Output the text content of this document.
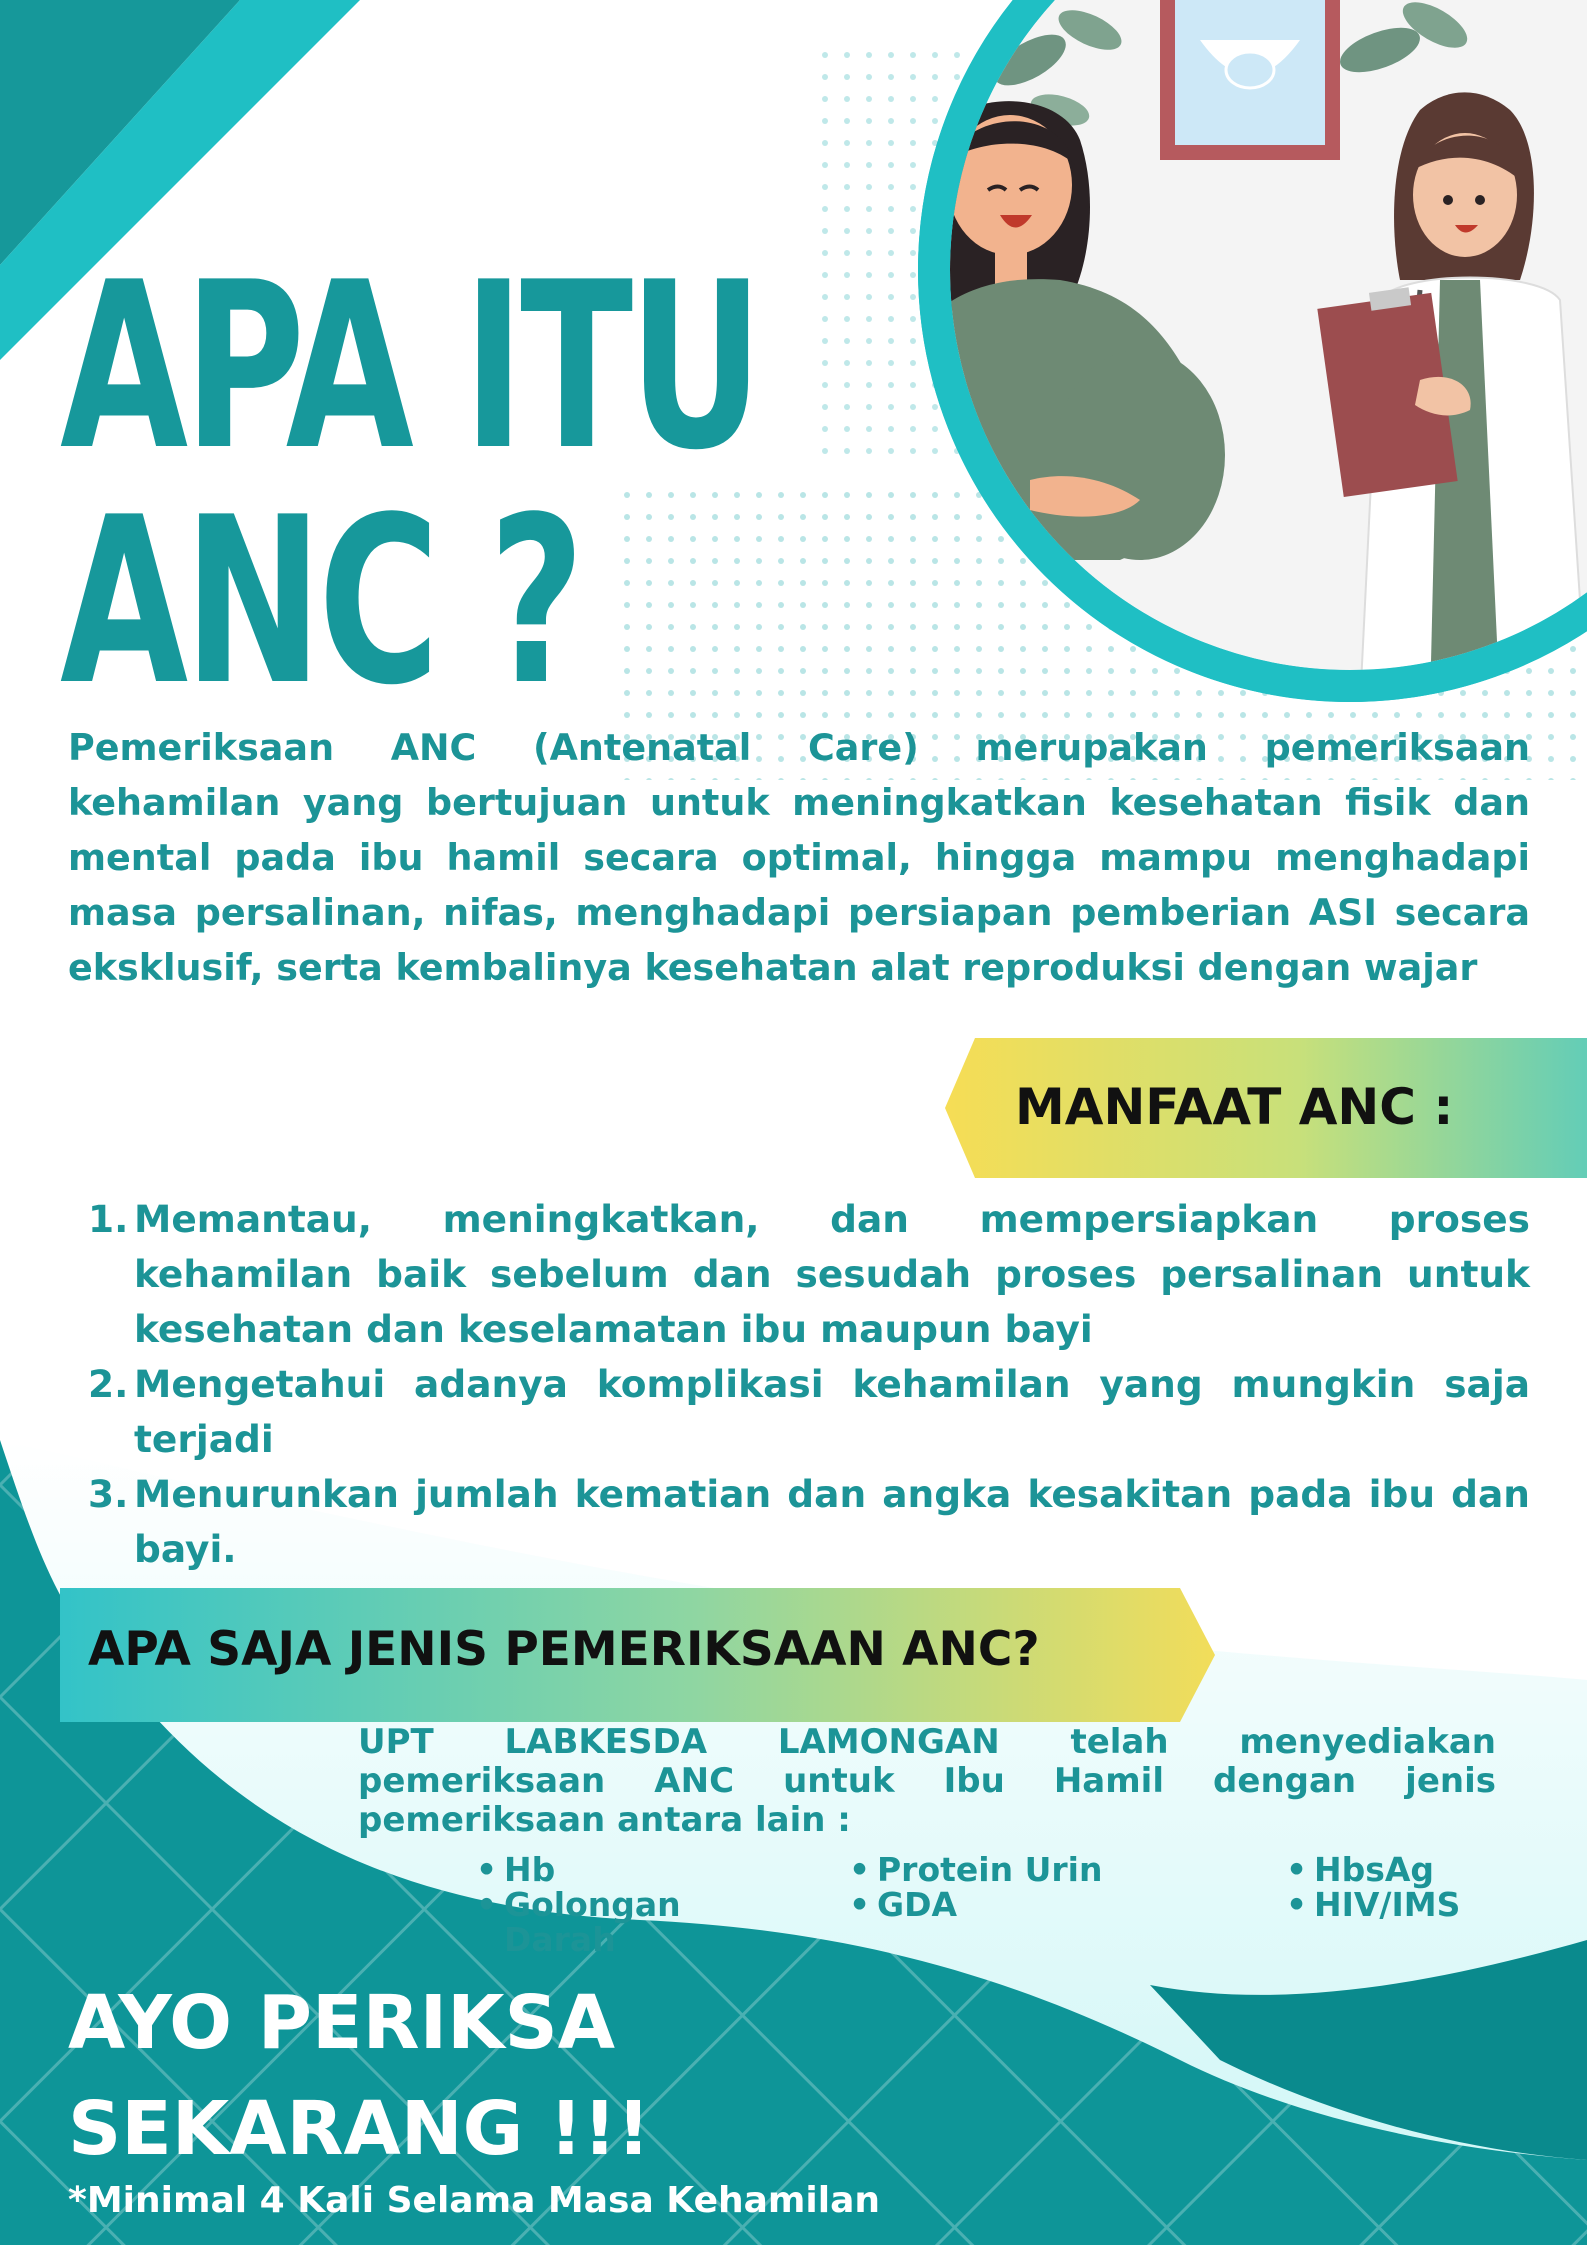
APA ITU
ANC ?

Pemeriksaan ANC (Antenatal Care) merupakan pemeriksaan kehamilan yang bertujuan untuk meningkatkan kesehatan fisik dan mental pada ibu hamil secara optimal, hingga mampu menghadapi masa persalinan, nifas, menghadapi persiapan pemberian ASI secara eksklusif, serta kembalinya kesehatan alat reproduksi dengan wajar

MANFAAT ANC :
1. Memantau, meningkatkan, dan mempersiapkan proses kehamilan baik sebelum dan sesudah proses persalinan untuk kesehatan dan keselamatan ibu maupun bayi
2. Mengetahui adanya komplikasi kehamilan yang mungkin saja terjadi
3. Menurunkan jumlah kematian dan angka kesakitan pada ibu dan bayi.
APA SAJA JENIS PEMERIKSAAN ANC?

UPT LABKESDA LAMONGAN telah menyediakan pemeriksaan ANC untuk Ibu Hamil dengan jenis pemeriksaan antara lain :

• Hb
• Golongan Darah
• Protein Urin
• GDA
• HbsAg
• HIV/IMS
AYO PERIKSA
SEKARANG !!!
*Minimal 4 Kali Selama Masa Kehamilan
